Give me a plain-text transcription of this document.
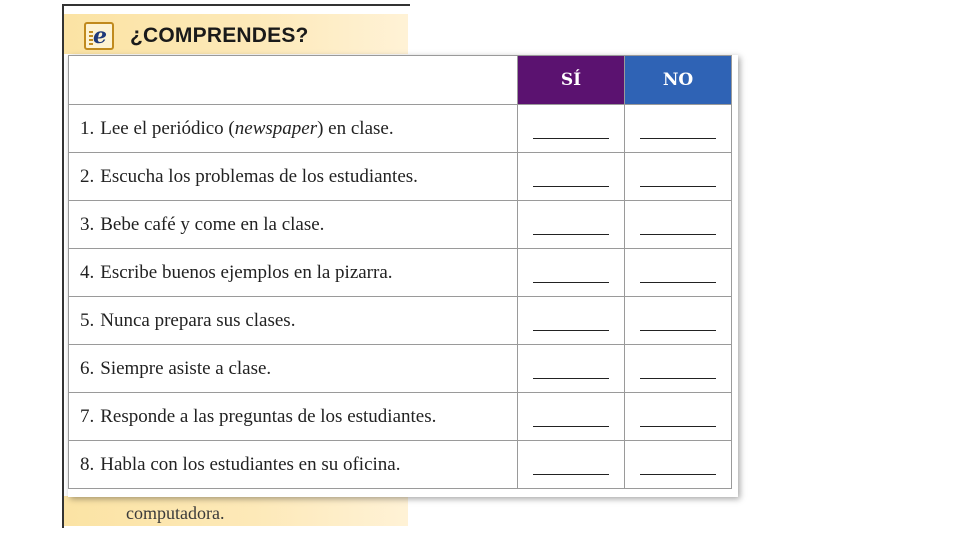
e ¿COMPRENDES?
computadora.
	SÍ	NO
1. Lee el periódico (newspaper) en clase.	

2. Escucha los problemas de los estudiantes.	

3. Bebe café y come en la clase.	

4. Escribe buenos ejemplos en la pizarra.	

5. Nunca prepara sus clases.	

6. Siempre asiste a clase.	

7. Responde a las preguntas de los estudiantes.	

8. Habla con los estudiantes en su oficina.	
